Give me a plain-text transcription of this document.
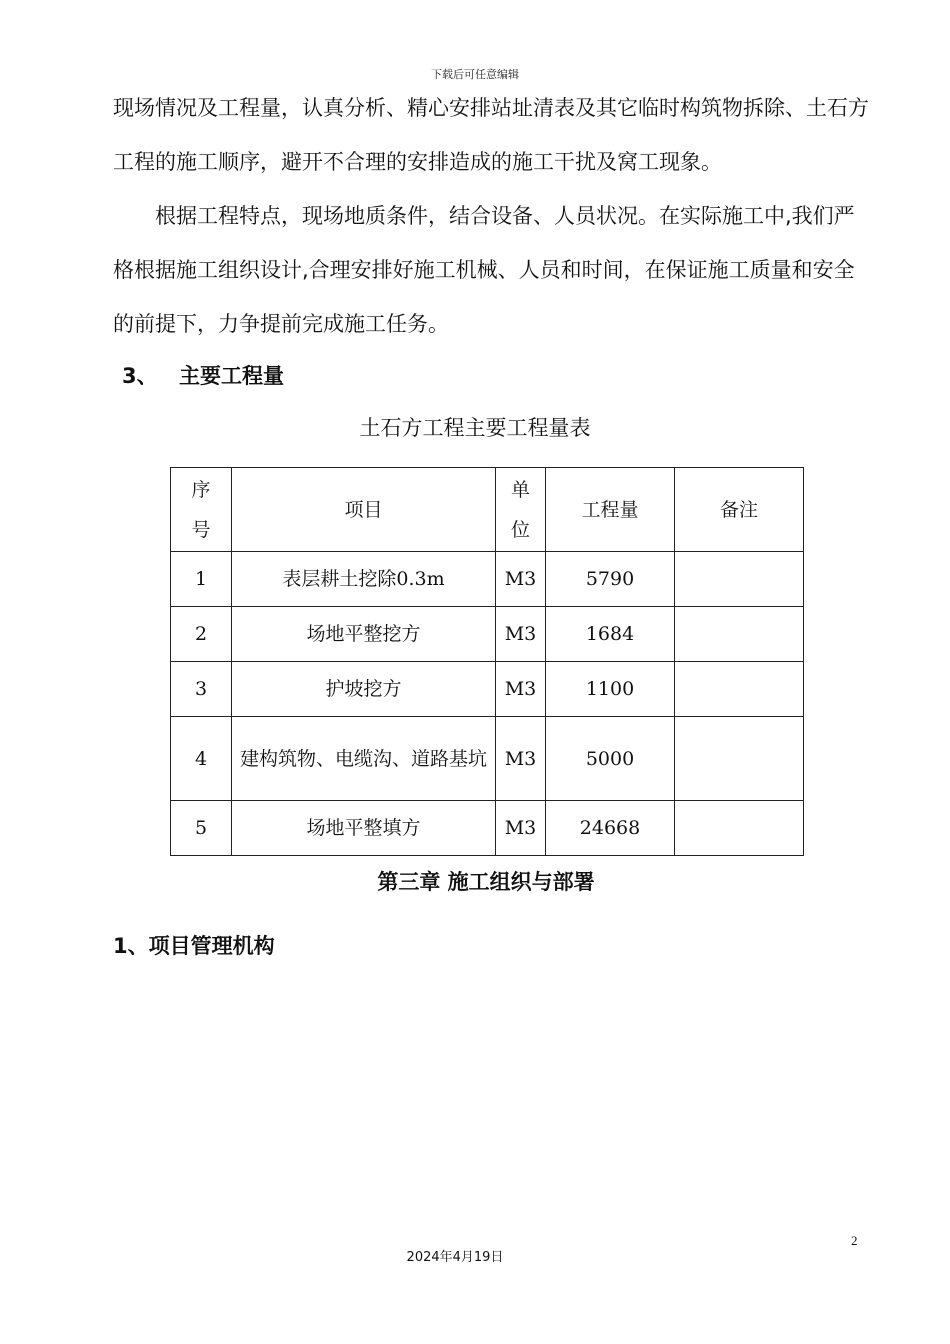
下载后可任意编辑

现场情况及工程量，认真分析、精心安排站址清表及其它临时构筑物拆除、土石方工程的施工顺序，避开不合理的安排造成的施工干扰及窝工现象。

　　根据工程特点，现场地质条件，结合设备、人员状况。在实际施工中,我们严格根据施工组织设计,合理安排好施工机械、人员和时间，在保证施工质量和安全的前提下，力争提前完成施工任务。

3、 主要工程量
土石方工程主要工程量表
序号	项目	单位	工程量	备注
1	表层耕土挖除0.3m	M3	5790	
2	场地平整挖方	M3	1684	
3	护坡挖方	M3	1100	
4	建构筑物、电缆沟、道路基坑	M3	5000	
5	场地平整填方	M3	24668	
第三章 施工组织与部署
1、项目管理机构
2
2024年4月19日
